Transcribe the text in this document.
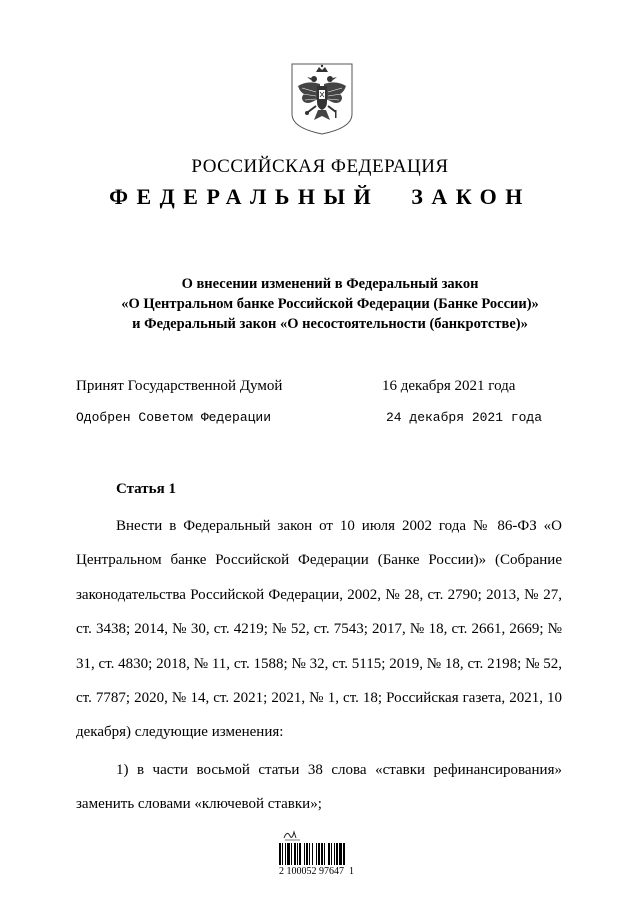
РОССИЙСКАЯ ФЕДЕРАЦИЯ
ФЕДЕРАЛЬНЫЙ ЗАКОН
О внесении изменений в Федеральный закон
«О Центральном банке Российской Федерации (Банке России)»
и Федеральный закон «О несостоятельности (банкротстве)»
Принят Государственной Думой	16 декабря 2021 года
Одобрен Советом Федерации	24 декабря 2021 года
Статья 1

Внести в Федеральный закон от 10 июля 2002 года № 86-ФЗ «О Центральном банке Российской Федерации (Банке России)» (Собрание законодательства Российской Федерации, 2002, № 28, ст. 2790; 2013, № 27, ст. 3438; 2014, № 30, ст. 4219; № 52, ст. 7543; 2017, № 18, ст. 2661, 2669; № 31, ст. 4830; 2018, № 11, ст. 1588; № 32, ст. 5115; 2019, № 18, ст. 2198; № 52, ст. 7787; 2020, № 14, ст. 2021; 2021, № 1, ст. 18; Российская газета, 2021, 10 декабря) следующие изменения:

1) в части восьмой статьи 38 слова «ставки рефинансирования» заменить словами «ключевой ставки»;

2 100052 97647  1
